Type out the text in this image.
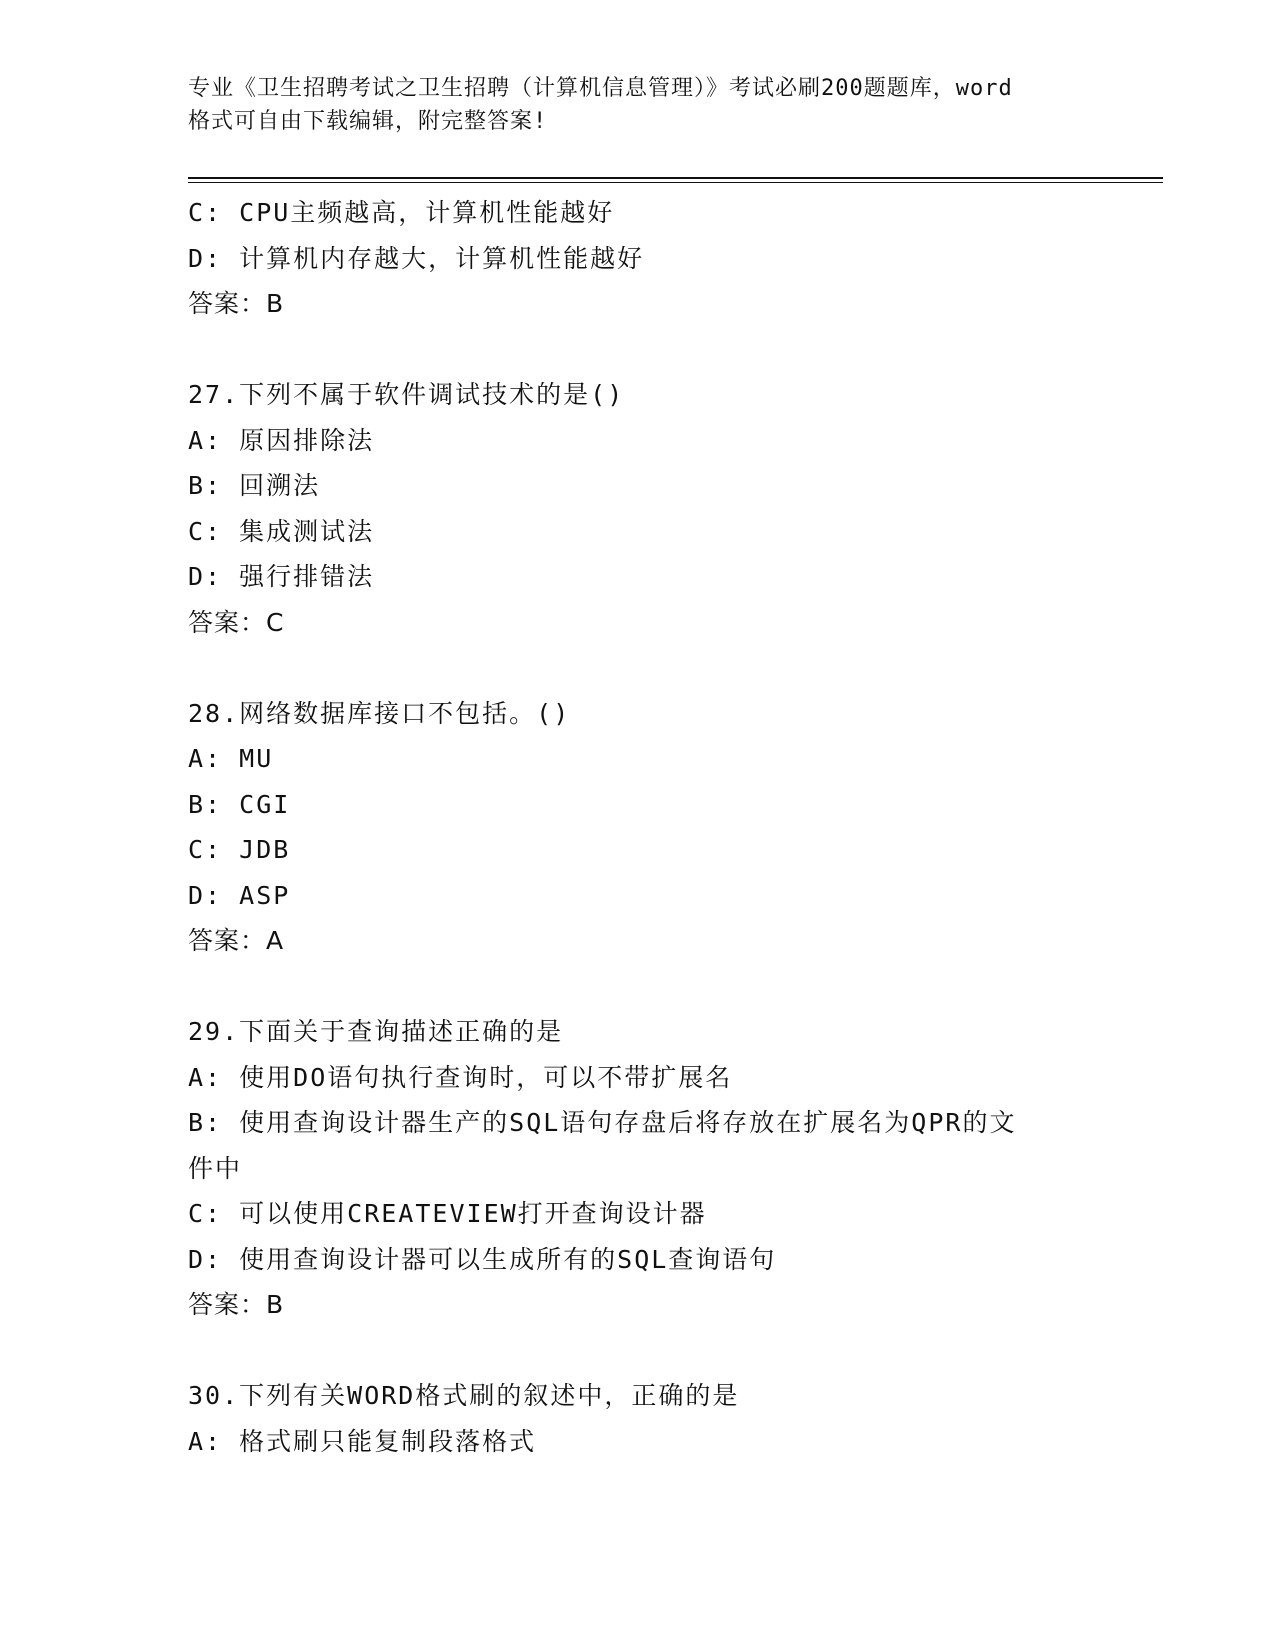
专业《卫生招聘考试之卫生招聘（计算机信息管理）》考试必刷200题题库，word
格式可自由下载编辑，附完整答案!
C: CPU主频越高，计算机性能越好
D: 计算机内存越大，计算机性能越好
答案：B
27.下列不属于软件调试技术的是()
A: 原因排除法
B: 回溯法
C: 集成测试法
D: 强行排错法
答案：C
28.网络数据库接口不包括。()
A: MU
B: CGI
C: JDB
D: ASP
答案：A
29.下面关于查询描述正确的是
A: 使用DO语句执行查询时，可以不带扩展名
B: 使用查询设计器生产的SQL语句存盘后将存放在扩展名为QPR的文
件中
C: 可以使用CREATEVIEW打开查询设计器
D: 使用查询设计器可以生成所有的SQL查询语句
答案：B
30.下列有关WORD格式刷的叙述中，正确的是
A: 格式刷只能复制段落格式
